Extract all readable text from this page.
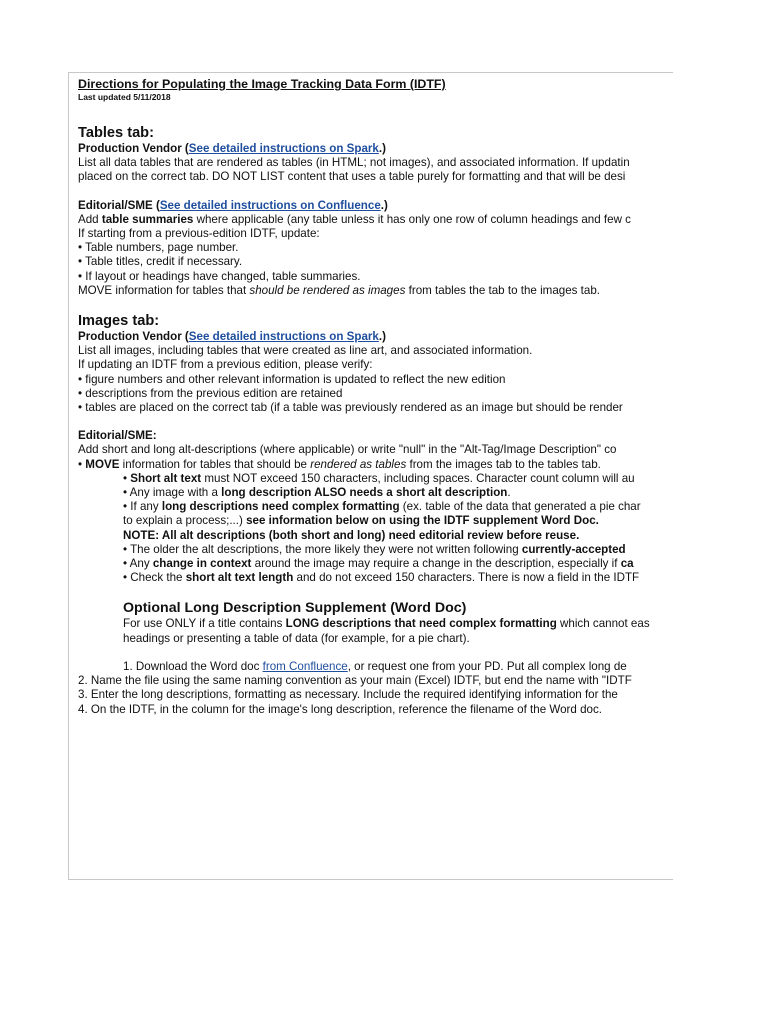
Directions for Populating the Image Tracking Data Form (IDTF)
Last updated 5/11/2018
Tables tab:
Production Vendor (See detailed instructions on Spark.)
List all data tables that are rendered as tables (in HTML; not images), and associated information. If updatin
placed on the correct tab. DO NOT LIST content that uses a table purely for formatting and that will be desi
Editorial/SME (See detailed instructions on Confluence.)
Add table summaries where applicable (any table unless it has only one row of column headings and few c
If starting from a previous-edition IDTF, update:
• Table numbers, page number.
• Table titles, credit if necessary.
• If layout or headings have changed, table summaries.
MOVE information for tables that should be rendered as images from tables the tab to the images tab.
Images tab:
Production Vendor (See detailed instructions on Spark.)
List all images, including tables that were created as line art, and associated information.
If updating an IDTF from a previous edition, please verify:
• figure numbers and other relevant information is updated to reflect the new edition
• descriptions from the previous edition are retained
• tables are placed on the correct tab (if a table was previously rendered as an image but should be render
Editorial/SME:
Add short and long alt-descriptions (where applicable) or write "null" in the "Alt-Tag/Image Description" co
• MOVE information for tables that should be rendered as tables from the images tab to the tables tab.
• Short alt text must NOT exceed 150 characters, including spaces. Character count column will au
• Any image with a long description ALSO needs a short alt description.
• If any long descriptions need complex formatting (ex. table of the data that generated a pie char
to explain a process;...) see information below on using the IDTF supplement Word Doc.
NOTE: All alt descriptions (both short and long) need editorial review before reuse.
• The older the alt descriptions, the more likely they were not written following currently-accepted
• Any change in context around the image may require a change in the description, especially if ca
• Check the short alt text length and do not exceed 150 characters. There is now a field in the IDTF
Optional Long Description Supplement (Word Doc)
For use ONLY if a title contains LONG descriptions that need complex formatting which cannot eas
headings or presenting a table of data (for example, for a pie chart).
1. Download the Word doc from Confluence, or request one from your PD. Put all complex long de
2. Name the file using the same naming convention as your main (Excel) IDTF, but end the name with "IDTF
3. Enter the long descriptions, formatting as necessary. Include the required identifying information for the
4. On the IDTF, in the column for the image's long description, reference the filename of the Word doc.
